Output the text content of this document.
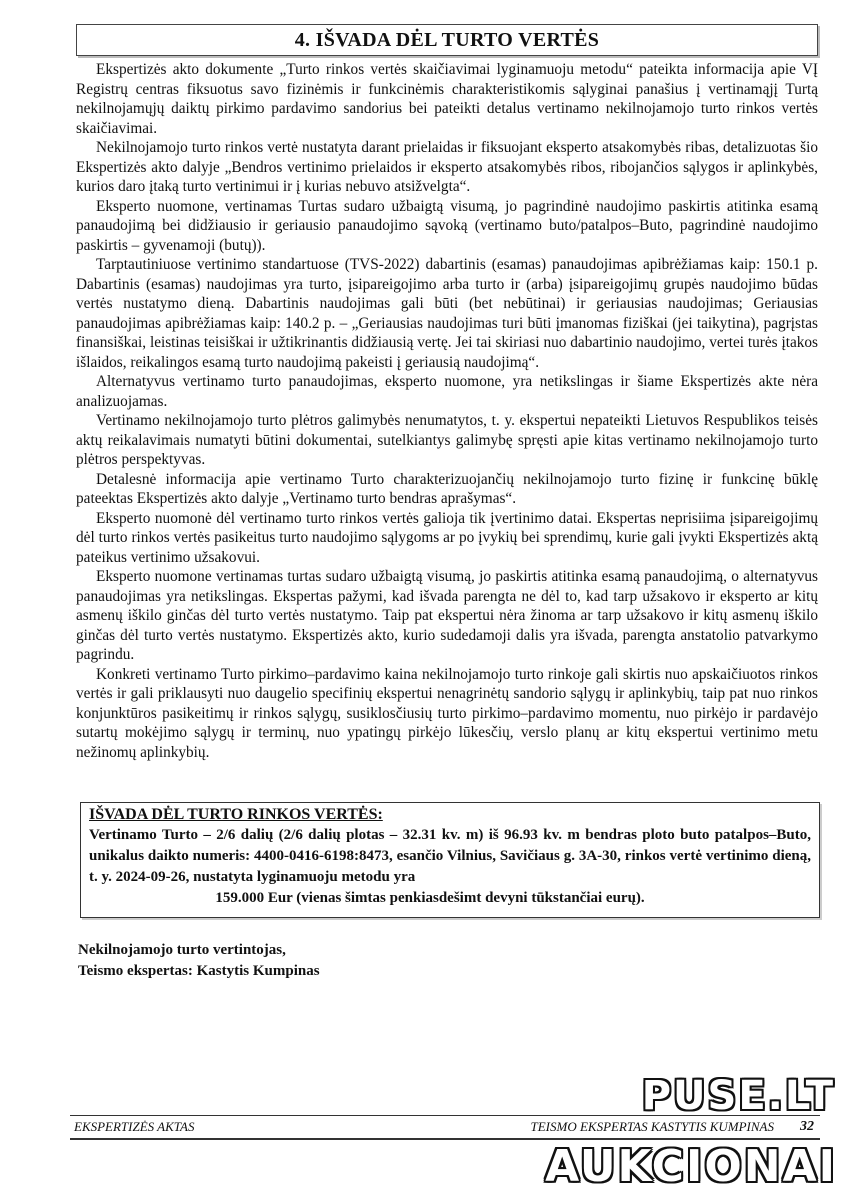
4. IŠVADA DĖL TURTO VERTĖS

Ekspertizės akto dokumente „Turto rinkos vertės skaičiavimai lyginamuoju metodu“ pateikta informacija apie VĮ Registrų centras fiksuotus savo fizinėmis ir funkcinėmis charakteristikomis sąlyginai panašius į vertinamąjį Turtą nekilnojamųjų daiktų pirkimo pardavimo sandorius bei pateikti detalus vertinamo nekilnojamojo turto rinkos vertės skaičiavimai.

Nekilnojamojo turto rinkos vertė nustatyta darant prielaidas ir fiksuojant eksperto atsakomybės ribas, detalizuotas šio Ekspertizės akto dalyje „Bendros vertinimo prielaidos ir eksperto atsakomybės ribos, ribojančios sąlygos ir aplinkybės, kurios daro įtaką turto vertinimui ir į kurias nebuvo atsižvelgta“.

Eksperto nuomone, vertinamas Turtas sudaro užbaigtą visumą, jo pagrindinė naudojimo paskirtis atitinka esamą panaudojimą bei didžiausio ir geriausio panaudojimo sąvoką (vertinamo buto/patalpos–Buto, pagrindinė naudojimo paskirtis – gyvenamoji (butų)).

Tarptautiniuose vertinimo standartuose (TVS-2022) dabartinis (esamas) panaudojimas apibrėžiamas kaip: 150.1 p. Dabartinis (esamas) naudojimas yra turto, įsipareigojimo arba turto ir (arba) įsipareigojimų grupės naudojimo būdas vertės nustatymo dieną. Dabartinis naudojimas gali būti (bet nebūtinai) ir geriausias naudojimas; Geriausias panaudojimas apibrėžiamas kaip: 140.2 p. – „Geriausias naudojimas turi būti įmanomas fiziškai (jei taikytina), pagrįstas finansiškai, leistinas teisiškai ir užtikrinantis didžiausią vertę. Jei tai skiriasi nuo dabartinio naudojimo, vertei turės įtakos išlaidos, reikalingos esamą turto naudojimą pakeisti į geriausią naudojimą“.

Alternatyvus vertinamo turto panaudojimas, eksperto nuomone, yra netikslingas ir šiame Ekspertizės akte nėra analizuojamas.

Vertinamo nekilnojamojo turto plėtros galimybės nenumatytos, t. y. ekspertui nepateikti Lietuvos Respublikos teisės aktų reikalavimais numatyti būtini dokumentai, sutelkiantys galimybę spręsti apie kitas vertinamo nekilnojamojo turto plėtros perspektyvas.

Detalesnė informacija apie vertinamo Turto charakterizuojančių nekilnojamojo turto fizinę ir funkcinę būklę pateektas Ekspertizės akto dalyje „Vertinamo turto bendras aprašymas“.

Eksperto nuomonė dėl vertinamo turto rinkos vertės galioja tik įvertinimo datai. Ekspertas neprisiima įsipareigojimų dėl turto rinkos vertės pasikeitus turto naudojimo sąlygoms ar po įvykių bei sprendimų, kurie gali įvykti Ekspertizės aktą pateikus vertinimo užsakovui.

Eksperto nuomone vertinamas turtas sudaro užbaigtą visumą, jo paskirtis atitinka esamą panaudojimą, o alternatyvus panaudojimas yra netikslingas. Ekspertas pažymi, kad išvada parengta ne dėl to, kad tarp užsakovo ir eksperto ar kitų asmenų iškilo ginčas dėl turto vertės nustatymo. Taip pat ekspertui nėra žinoma ar tarp užsakovo ir kitų asmenų iškilo ginčas dėl turto vertės nustatymo. Ekspertizės akto, kurio sudedamoji dalis yra išvada, parengta anstatolio patvarkymo pagrindu.

Konkreti vertinamo Turto pirkimo–pardavimo kaina nekilnojamojo turto rinkoje gali skirtis nuo apskaičiuotos rinkos vertės ir gali priklausyti nuo daugelio specifinių ekspertui nenagrinėtų sandorio sąlygų ir aplinkybių, taip pat nuo rinkos konjunktūros pasikeitimų ir rinkos sąlygų, susiklosčiusių turto pirkimo–pardavimo momentu, nuo pirkėjo ir pardavėjo sutartų mokėjimo sąlygų ir terminų, nuo ypatingų pirkėjo lūkesčių, verslo planų ar kitų ekspertui vertinimo metu nežinomų aplinkybių.

IŠVADA DĖL TURTO RINKOS VERTĖS:

Vertinamo Turto – 2/6 dalių (2/6 dalių plotas – 32.31 kv. m) iš 96.93 kv. m bendras ploto buto patalpos–Buto, unikalus daikto numeris: 4400-0416-6198:8473, esančio Vilnius, Savičiaus g. 3A-30, rinkos vertė vertinimo dieną, t. y. 2024-09-26, nustatyta lyginamuoju metodu yra

159.000 Eur (vienas šimtas penkiasdešimt devyni tūkstančiai eurų).

Nekilnojamojo turto vertintojas,
Teismo ekspertas: Kastytis Kumpinas
EKSPERTIZĖS AKTAS	TEISMO EKSPERTAS KASTYTIS KUMPINAS 32
PUSE.LT
AUKCIONAI
